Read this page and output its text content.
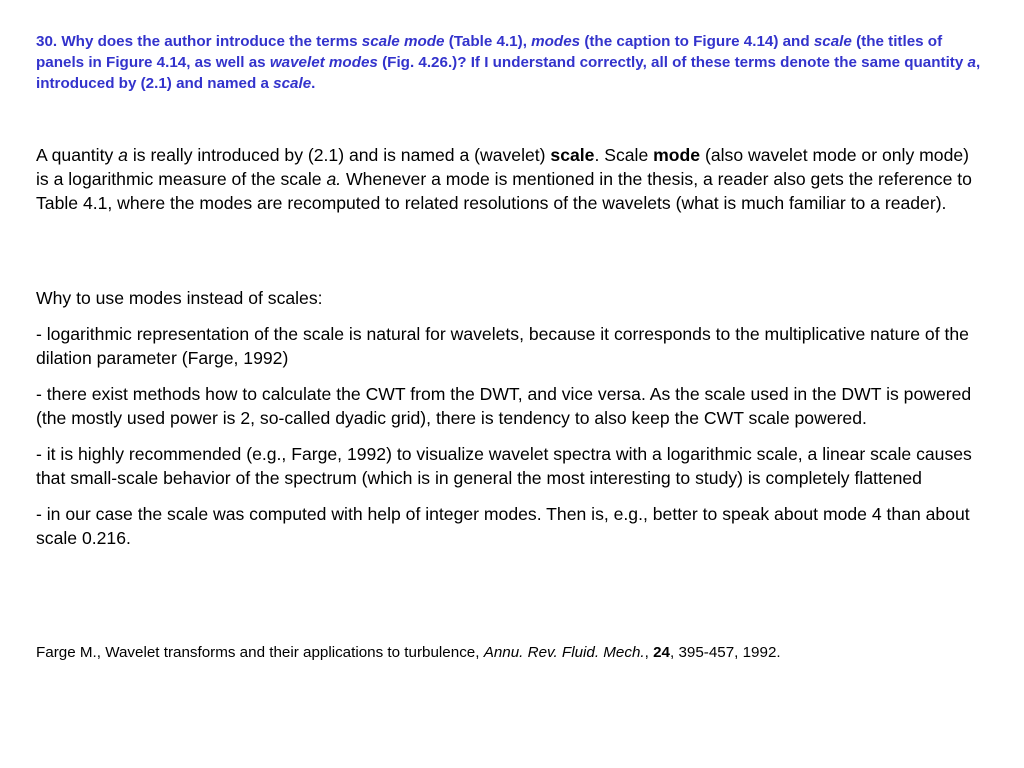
30. Why does the author introduce the terms scale mode (Table 4.1), modes (the caption to Figure 4.14) and scale (the titles of panels in Figure 4.14, as well as wavelet modes (Fig. 4.26.)? If I understand correctly, all of these terms denote the same quantity a, introduced by (2.1) and named a scale.

A quantity a is really introduced by (2.1) and is named a (wavelet) scale. Scale mode (also wavelet mode or only mode) is a logarithmic measure of the scale a. Whenever a mode is mentioned in the thesis, a reader also gets the reference to Table 4.1, where the modes are recomputed to related resolutions of the wavelets (what is much familiar to a reader).

Why to use modes instead of scales:

- logarithmic representation of the scale is natural for wavelets, because it corresponds to the multiplicative nature of the dilation parameter (Farge, 1992)

- there exist methods how to calculate the CWT from the DWT, and vice versa. As the scale used in the DWT is powered (the mostly used power is 2, so-called dyadic grid), there is tendency to also keep the CWT scale powered.

- it is highly recommended (e.g., Farge, 1992) to visualize wavelet spectra with a logarithmic scale, a linear scale causes that small-scale behavior of the spectrum (which is in general the most interesting to study) is completely flattened

- in our case the scale was computed with help of integer modes. Then is, e.g., better to speak about mode 4 than about scale 0.216.

Farge M., Wavelet transforms and their applications to turbulence, Annu. Rev. Fluid. Mech., 24, 395-457, 1992.
